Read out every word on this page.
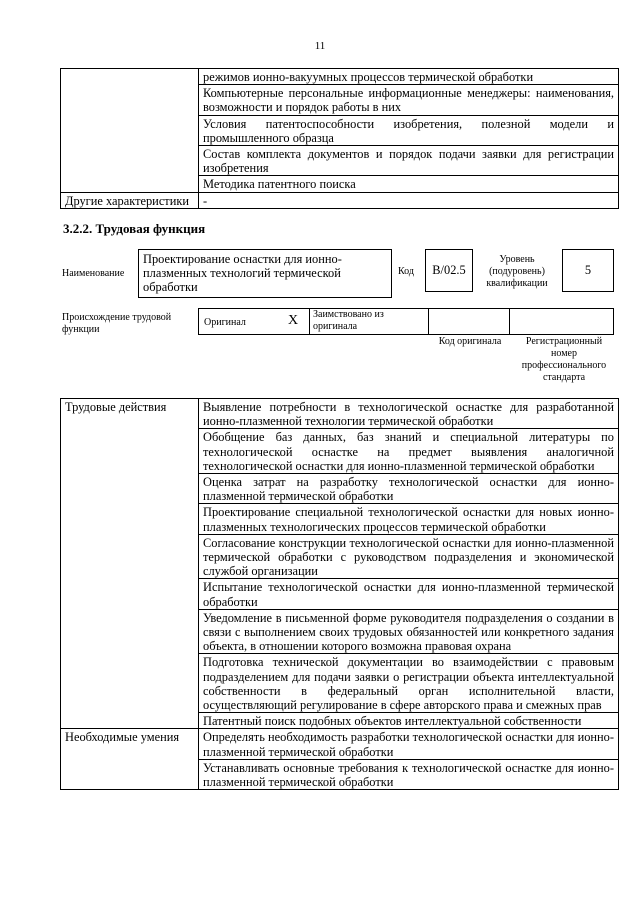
11
	режимов ионно-вакуумных процессов термической обработки
	Компьютерные персональные информационные менеджеры: наименования, возможности и порядок работы в них
	Условия патентоспособности изобретения, полезной модели и промышленного образца
	Состав комплекта документов и порядок подачи заявки для регистрации изобретения
	Методика патентного поиска
Другие характеристики	-
3.2.2. Трудовая функция
Наименование
Проектирование оснастки для ионно-плазменных технологий термической обработки
Код	B/02.5
Уровень (подуровень) квалификации
5
Происхождение трудовой функции
Оригинал	X Заимствовано из оригинала
Код оригинала	Регистрационный номер профессионального стандарта
Трудовые действия	Выявление потребности в технологической оснастке для разработанной ионно-плазменной технологии термической обработки
	Обобщение баз данных, баз знаний и специальной литературы по технологической оснастке на предмет выявления аналогичной технологической оснастки для ионно-плазменной термической обработки
	Оценка затрат на разработку технологической оснастки для ионно-плазменной термической обработки
	Проектирование специальной технологической оснастки для новых ионно-плазменных технологических процессов термической обработки
	Согласование конструкции технологической оснастки для ионно-плазменной термической обработки с руководством подразделения и экономической службой организации
	Испытание технологической оснастки для ионно-плазменной термической обработки
	Уведомление в письменной форме руководителя подразделения о создании в связи с выполнением своих трудовых обязанностей или конкретного задания объекта, в отношении которого возможна правовая охрана
	Подготовка технической документации во взаимодействии с правовым подразделением для подачи заявки о регистрации объекта интеллектуальной собственности в федеральный орган исполнительной власти, осуществляющий регулирование в сфере авторского права и смежных прав
	Патентный поиск подобных объектов интеллектуальной собственности
Необходимые умения	Определять необходимость разработки технологической оснастки для ионно-плазменной термической обработки
	Устанавливать основные требования к технологической оснастке для ионно-плазменной термической обработки
